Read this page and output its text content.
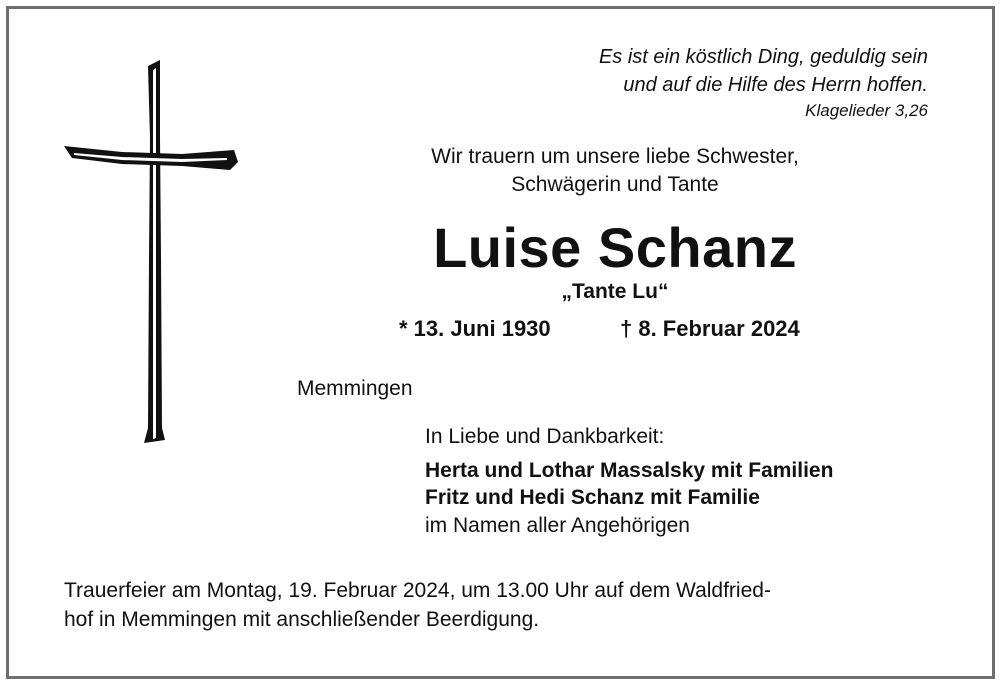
Es ist ein köstlich Ding, geduldig sein
und auf die Hilfe des Herrn hoffen.
Klagelieder 3,26
Wir trauern um unsere liebe Schwester,
Schwägerin und Tante
Luise Schanz
„Tante Lu“
* 13. Juni 1930	† 8. Februar 2024
Memmingen
In Liebe und Dankbarkeit:
Herta und Lothar Massalsky mit Familien
Fritz und Hedi Schanz mit Familie
im Namen aller Angehörigen
Trauerfeier am Montag, 19. Februar 2024, um 13.00 Uhr auf dem Waldfried-
hof in Memmingen mit anschließender Beerdigung.
